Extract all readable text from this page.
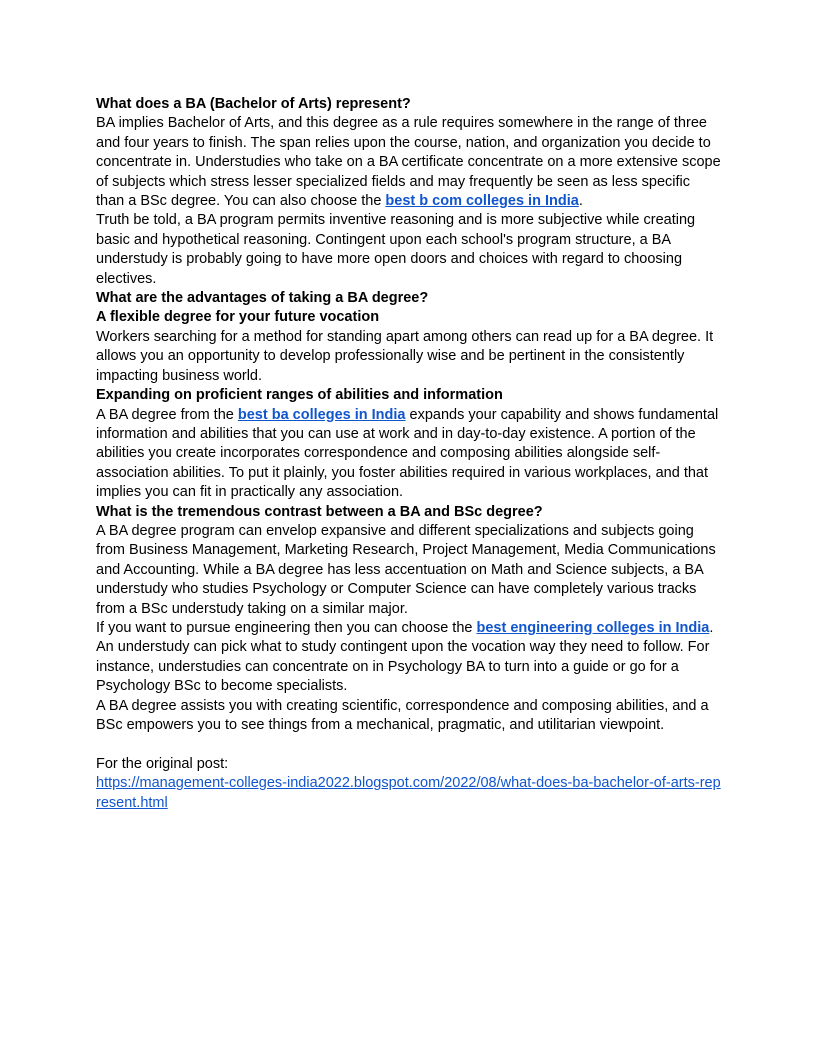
What does a BA (Bachelor of Arts) represent?

BA implies Bachelor of Arts, and this degree as a rule requires somewhere in the range of three and four years to finish. The span relies upon the course, nation, and organization you decide to concentrate in. Understudies who take on a BA certificate concentrate on a more extensive scope of subjects which stress lesser specialized fields and may frequently be seen as less specific than a BSc degree. You can also choose the best b com colleges in India.

Truth be told, a BA program permits inventive reasoning and is more subjective while creating basic and hypothetical reasoning. Contingent upon each school's program structure, a BA understudy is probably going to have more open doors and choices with regard to choosing electives.

What are the advantages of taking a BA degree?
A flexible degree for your future vocation

Workers searching for a method for standing apart among others can read up for a BA degree. It allows you an opportunity to develop professionally wise and be pertinent in the consistently impacting business world.

Expanding on proficient ranges of abilities and information

A BA degree from the best ba colleges in India expands your capability and shows fundamental information and abilities that you can use at work and in day-to-day existence. A portion of the abilities you create incorporates correspondence and composing abilities alongside self-association abilities. To put it plainly, you foster abilities required in various workplaces, and that implies you can fit in practically any association.

What is the tremendous contrast between a BA and BSc degree?

A BA degree program can envelop expansive and different specializations and subjects going from Business Management, Marketing Research, Project Management, Media Communications and Accounting. While a BA degree has less accentuation on Math and Science subjects, a BA understudy who studies Psychology or Computer Science can have completely various tracks from a BSc understudy taking on a similar major.

If you want to pursue engineering then you can choose the best engineering colleges in India.

An understudy can pick what to study contingent upon the vocation way they need to follow. For instance, understudies can concentrate on in Psychology BA to turn into a guide or go for a Psychology BSc to become specialists.

A BA degree assists you with creating scientific, correspondence and composing abilities, and a BSc empowers you to see things from a mechanical, pragmatic, and utilitarian viewpoint.

For the original post:

https://management-colleges-india2022.blogspot.com/2022/08/what-does-ba-bachelor-of-arts-represent.html
